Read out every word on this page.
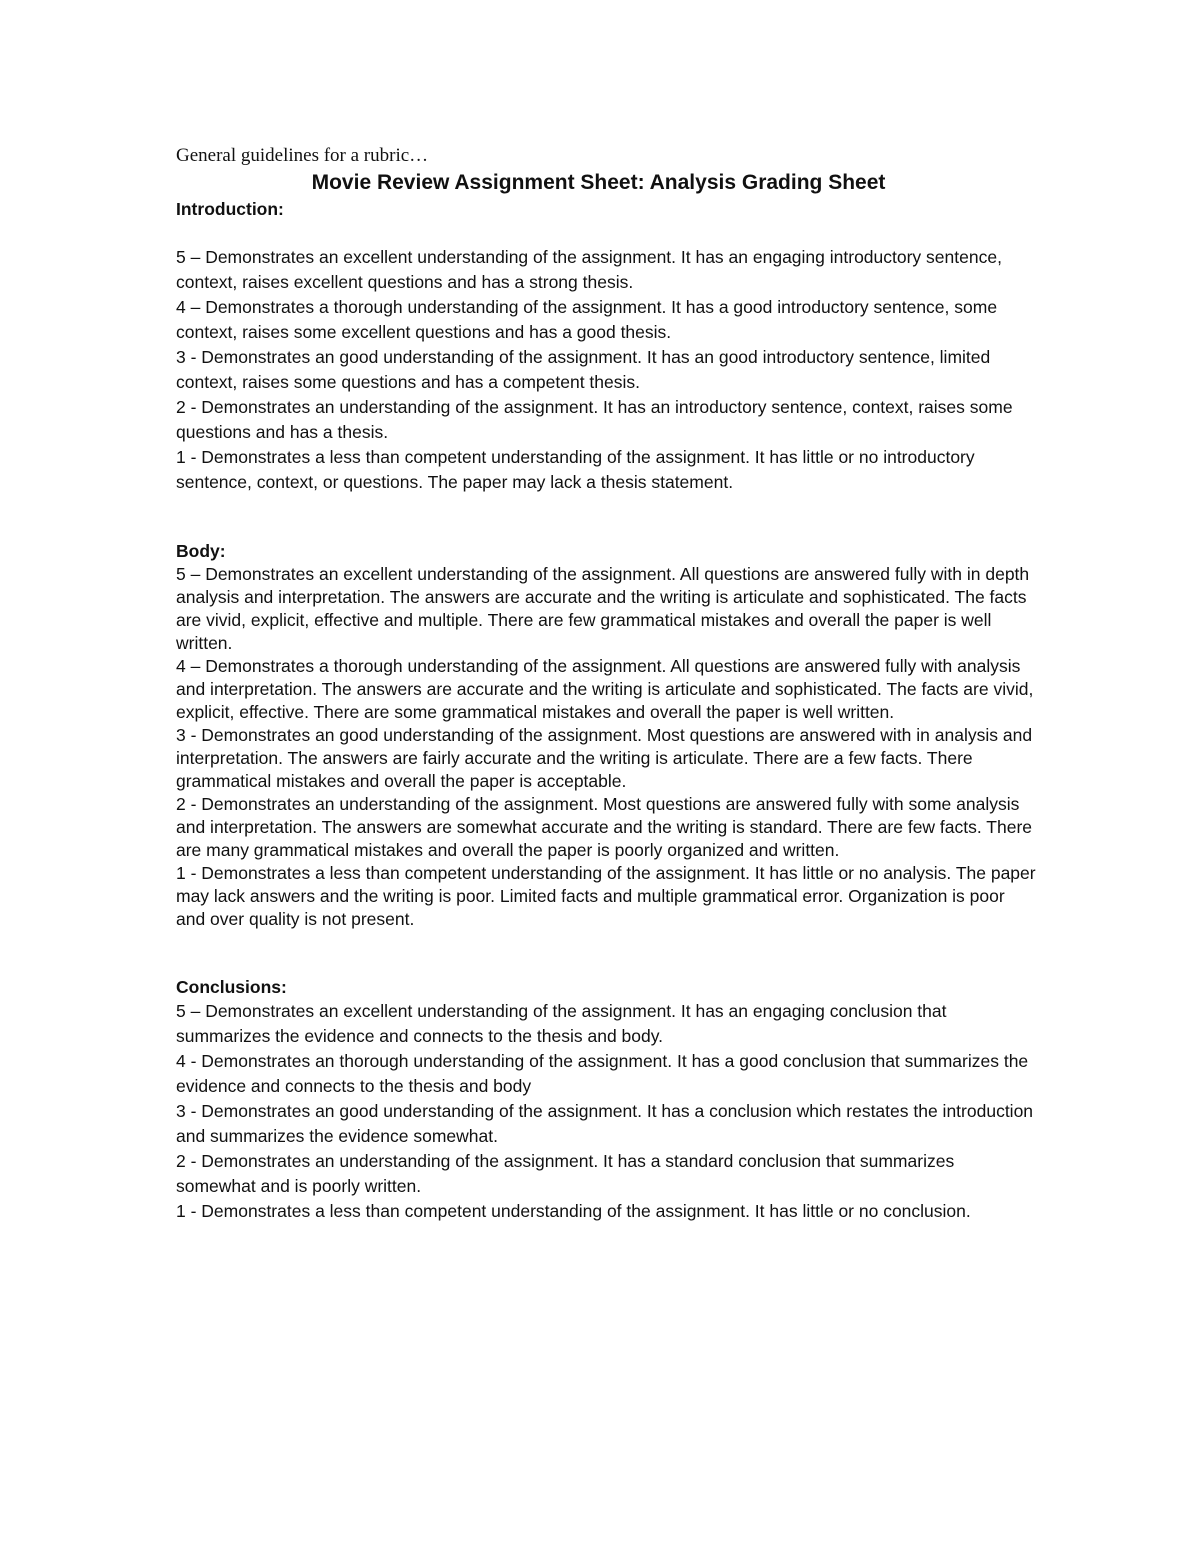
General guidelines for a rubric…

Movie Review Assignment Sheet: Analysis Grading Sheet
Introduction:
5 – Demonstrates an excellent understanding of the assignment. It has an engaging introductory sentence, context, raises excellent questions and has a strong thesis.
4 – Demonstrates a thorough understanding of the assignment. It has a good introductory sentence, some context, raises some excellent questions and has a good thesis.
3 - Demonstrates an good understanding of the assignment. It has an good introductory sentence, limited context, raises some questions and has a competent thesis.
2 - Demonstrates an understanding of the assignment. It has an introductory sentence, context, raises some questions and has a thesis.
1 - Demonstrates a less than competent understanding of the assignment. It has little or no introductory sentence, context, or questions. The paper may lack a thesis statement.
Body:
5 – Demonstrates an excellent understanding of the assignment. All questions are answered fully with in depth analysis and interpretation. The answers are accurate and the writing is articulate and sophisticated. The facts are vivid, explicit, effective and multiple. There are few grammatical mistakes and overall the paper is well written.
4 – Demonstrates a thorough understanding of the assignment. All questions are answered fully with analysis and interpretation. The answers are accurate and the writing is articulate and sophisticated. The facts are vivid, explicit, effective. There are some grammatical mistakes and overall the paper is well written.
3 - Demonstrates an good understanding of the assignment. Most questions are answered with in analysis and interpretation. The answers are fairly accurate and the writing is articulate. There are a few facts. There grammatical mistakes and overall the paper is acceptable.
2 - Demonstrates an understanding of the assignment. Most questions are answered fully with some analysis and interpretation. The answers are somewhat accurate and the writing is standard. There are few facts. There are many grammatical mistakes and overall the paper is poorly organized and written.
1 - Demonstrates a less than competent understanding of the assignment. It has little or no analysis. The paper may lack answers and the writing is poor. Limited facts and multiple grammatical error. Organization is poor and over quality is not present.
Conclusions:
5 – Demonstrates an excellent understanding of the assignment. It has an engaging conclusion that summarizes the evidence and connects to the thesis and body.
4 - Demonstrates an thorough understanding of the assignment. It has a good conclusion that summarizes the evidence and connects to the thesis and body
3 - Demonstrates an good understanding of the assignment. It has a conclusion which restates the introduction and summarizes the evidence somewhat.
2 - Demonstrates an understanding of the assignment. It has a standard conclusion that summarizes somewhat and is poorly written.
1 - Demonstrates a less than competent understanding of the assignment. It has little or no conclusion.
